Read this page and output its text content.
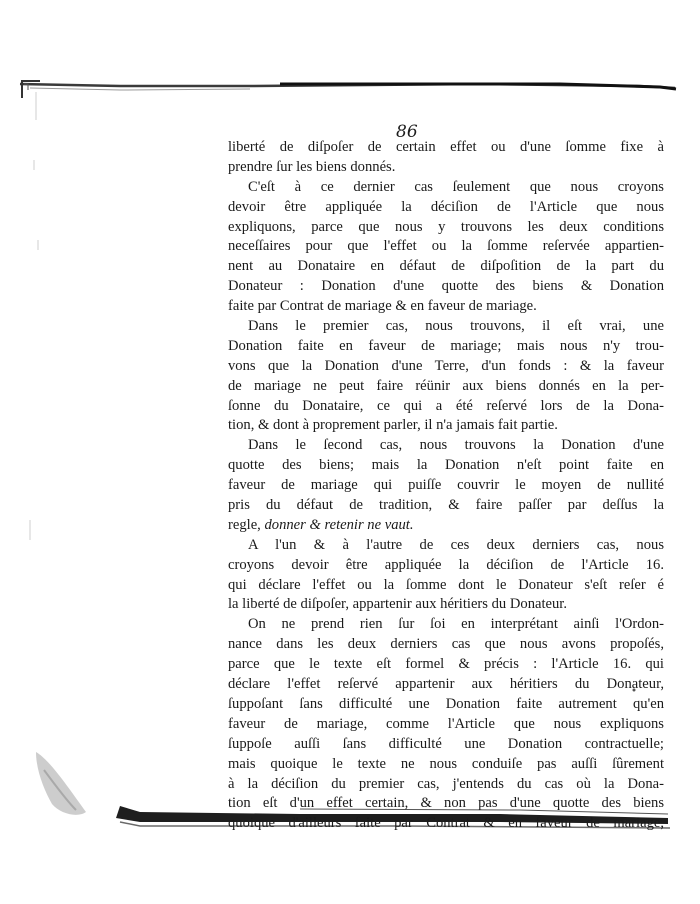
86
liberté de diſpoſer de certain effet ou d'une ſomme fixe à
prendre ſur les biens donnés.
C'eſt à ce dernier cas ſeulement que nous croyons
devoir être appliquée la déciſion de l'Article que nous
expliquons, parce que nous y trouvons les deux conditions
neceſſaires pour que l'effet ou la ſomme reſervée appartien-
nent au Donataire en défaut de diſpoſition de la part du
Donateur : Donation d'une quotte des biens & Donation
faite par Contrat de mariage & en faveur de mariage.
Dans le premier cas, nous trouvons, il eſt vrai, une
Donation faite en faveur de mariage; mais nous n'y trou-
vons que la Donation d'une Terre, d'un fonds : & la faveur
de mariage ne peut faire réünir aux biens donnés en la per-
ſonne du Donataire, ce qui a été reſervé lors de la Dona-
tion, & dont à proprement parler, il n'a jamais fait partie.
Dans le ſecond cas, nous trouvons la Donation d'une
quotte des biens; mais la Donation n'eſt point faite en
faveur de mariage qui puiſſe couvrir le moyen de nullité
pris du défaut de tradition, & faire paſſer par deſſus la
regle, donner & retenir ne vaut.
A l'un & à l'autre de ces deux derniers cas, nous
croyons devoir être appliquée la déciſion de l'Article 16.
qui déclare l'effet ou la ſomme dont le Donateur s'eſt reſer é
la liberté de diſpoſer, appartenir aux héritiers du Donateur.
On ne prend rien ſur ſoi en interprétant ainſi l'Ordon-
nance dans les deux derniers cas que nous avons propoſés,
parce que le texte eſt formel & précis : l'Article 16. qui
déclare l'effet reſervé appartenir aux héritiers du Donateur,
ſuppoſant ſans difficulté une Donation faite autrement qu'en
faveur de mariage, comme l'Article que nous expliquons
ſuppoſe auſſi ſans difficulté une Donation contractuelle;
mais quoique le texte ne nous conduiſe pas auſſi ſûrement
à la déciſion du premier cas, j'entends du cas où la Dona-
tion eſt d'un effet certain, & non pas d'une quotte des biens
quoique d'ailleurs faite par Contrat & en faveur de mariage,
